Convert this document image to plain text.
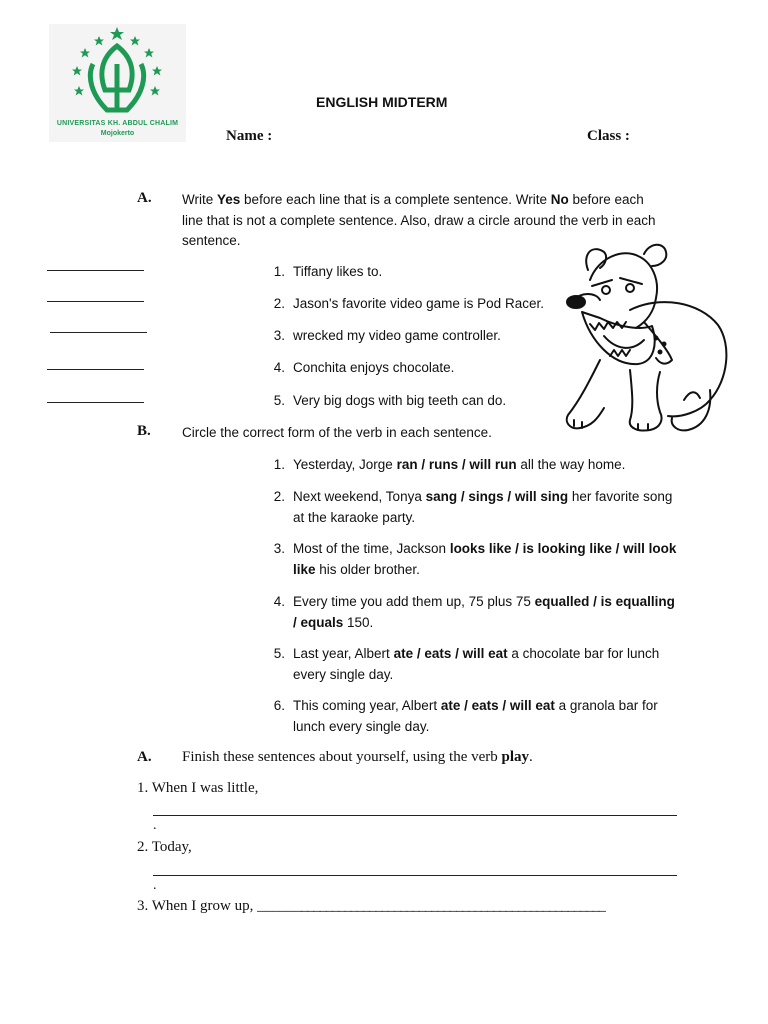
UNIVERSITAS KH. ABDUL CHALIM
Mojokerto
ENGLISH MIDTERM
Name :	Class :
A. Write Yes before each line that is a complete sentence. Write No before each
line that is not a complete sentence. Also, draw a circle around the verb in each
sentence.
1. Tiffany likes to.
2. Jason's favorite video game is Pod Racer.
3. wrecked my video game controller.
4. Conchita enjoys chocolate.
5. Very big dogs with big teeth can do.
B. Circle the correct form of the verb in each sentence.
1. Yesterday, Jorge ran / runs / will run all the way home.
2. Next weekend, Tonya sang / sings / will sing her favorite song
at the karaoke party.
3. Most of the time, Jackson looks like / is looking like / will look
like his older brother.
4. Every time you add them up, 75 plus 75 equalled / is equalling
/ equals 150.
5. Last year, Albert ate / eats / will eat a chocolate bar for lunch
every single day.
6. This coming year, Albert ate / eats / will eat a granola bar for
lunch every single day.
A. Finish these sentences about yourself, using the verb play.
1. When I was little,
.
2. Today,
.
3. When I grow up, _______________________________________________________
